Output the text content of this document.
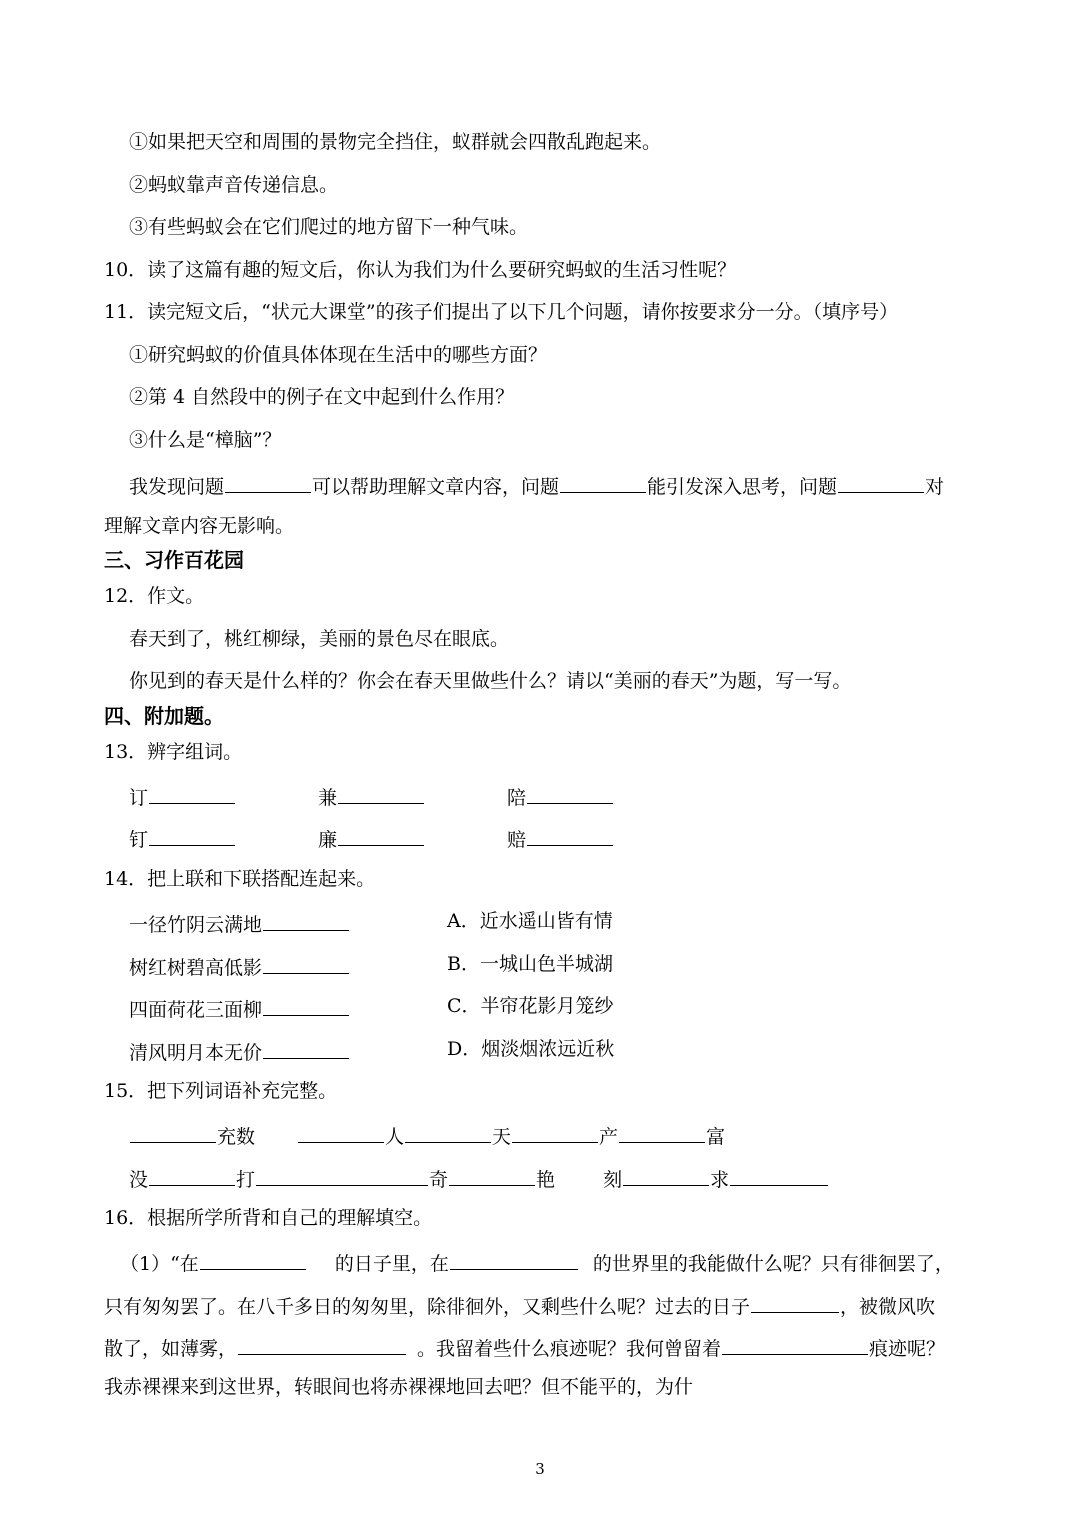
①如果把天空和周围的景物完全挡住，蚁群就会四散乱跑起来。
②蚂蚁靠声音传递信息。
③有些蚂蚁会在它们爬过的地方留下一种气味。
10．读了这篇有趣的短文后，你认为我们为什么要研究蚂蚁的生活习性呢？
11．读完短文后，“状元大课堂”的孩子们提出了以下几个问题，请你按要求分一分。（填序号）
①研究蚂蚁的价值具体体现在生活中的哪些方面？
②第 4 自然段中的例子在文中起到什么作用？
③什么是“樟脑”？
我发现问题	可以帮助理解文章内容，问题	能引发深入思考，问题	对
理解文章内容无影响。
三、习作百花园
12．作文。
春天到了，桃红柳绿，美丽的景色尽在眼底。
你见到的春天是什么样的？你会在春天里做些什么？请以“美丽的春天”为题，写一写。
四、附加题。
13．辨字组词。
订	兼	陪
钉	廉	赔
14．把上联和下联搭配连起来。
一径竹阴云满地	A．近水遥山皆有情
树红树碧高低影	B．一城山色半城湖
四面荷花三面柳	C．半帘花影月笼纱
清风明月本无价	D．烟淡烟浓远近秋
15．把下列词语补充完整。
充数	人	天	产	富
没	打	奇	艳	刻	求
16．根据所学所背和自己的理解填空。
（1）“在	的日子里，在	的世界里的我能做什么呢？只有徘徊罢了，
只有匆匆罢了。在八千多日的匆匆里，除徘徊外，又剩些什么呢？过去的日子	，被微风吹
散了，如薄雾，	。我留着些什么痕迹呢？我何曾留着	痕迹呢？
我赤裸裸来到这世界，转眼间也将赤裸裸地回去吧？但不能平的，为什
3
